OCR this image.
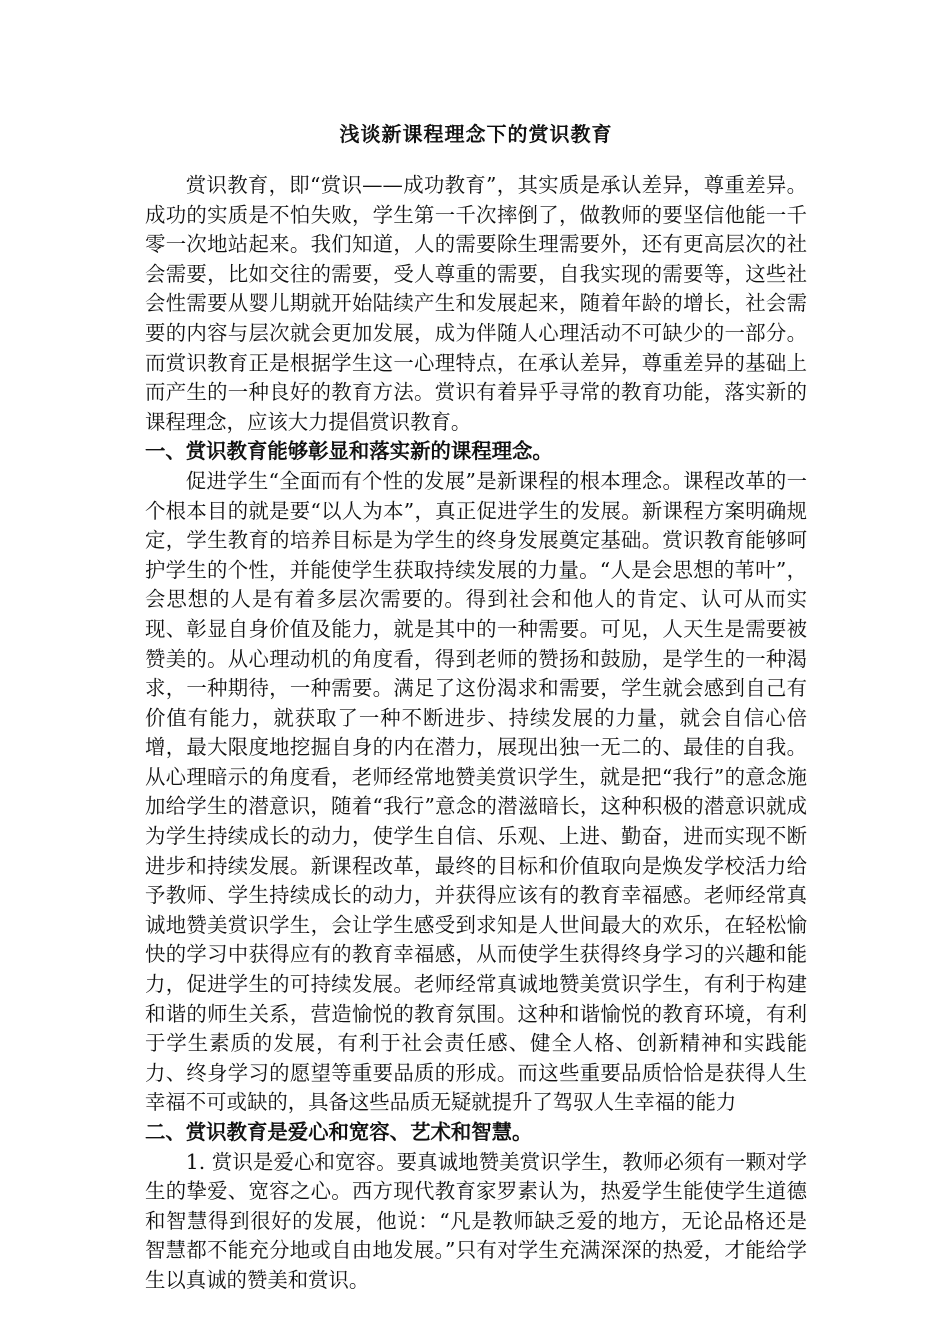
浅谈新课程理念下的赏识教育

赏识教育，即“赏识——成功教育”，其实质是承认差异，尊重差异。成功的实质是不怕失败，学生第一千次摔倒了，做教师的要坚信他能一千零一次地站起来。我们知道，人的需要除生理需要外，还有更高层次的社会需要，比如交往的需要，受人尊重的需要，自我实现的需要等，这些社会性需要从婴儿期就开始陆续产生和发展起来，随着年龄的增长，社会需要的内容与层次就会更加发展，成为伴随人心理活动不可缺少的一部分。而赏识教育正是根据学生这一心理特点，在承认差异，尊重差异的基础上而产生的一种良好的教育方法。赏识有着异乎寻常的教育功能，落实新的课程理念，应该大力提倡赏识教育。

一、赏识教育能够彰显和落实新的课程理念。

促进学生“全面而有个性的发展”是新课程的根本理念。课程改革的一个根本目的就是要“以人为本”，真正促进学生的发展。新课程方案明确规定，学生教育的培养目标是为学生的终身发展奠定基础。赏识教育能够呵护学生的个性，并能使学生获取持续发展的力量。“人是会思想的苇叶”，会思想的人是有着多层次需要的。得到社会和他人的肯定、认可从而实现、彰显自身价值及能力，就是其中的一种需要。可见，人天生是需要被赞美的。从心理动机的角度看，得到老师的赞扬和鼓励，是学生的一种渴求，一种期待，一种需要。满足了这份渴求和需要，学生就会感到自己有价值有能力，就获取了一种不断进步、持续发展的力量，就会自信心倍增，最大限度地挖掘自身的内在潜力，展现出独一无二的、最佳的自我。从心理暗示的角度看，老师经常地赞美赏识学生，就是把“我行”的意念施加给学生的潜意识，随着“我行”意念的潜滋暗长，这种积极的潜意识就成为学生持续成长的动力，使学生自信、乐观、上进、勤奋，进而实现不断进步和持续发展。新课程改革，最终的目标和价值取向是焕发学校活力给予教师、学生持续成长的动力，并获得应该有的教育幸福感。老师经常真诚地赞美赏识学生，会让学生感受到求知是人世间最大的欢乐，在轻松愉快的学习中获得应有的教育幸福感，从而使学生获得终身学习的兴趣和能力，促进学生的可持续发展。老师经常真诚地赞美赏识学生，有利于构建和谐的师生关系，营造愉悦的教育氛围。这种和谐愉悦的教育环境，有利于学生素质的发展，有利于社会责任感、健全人格、创新精神和实践能力、终身学习的愿望等重要品质的形成。而这些重要品质恰恰是获得人生幸福不可或缺的，具备这些品质无疑就提升了驾驭人生幸福的能力

二、赏识教育是爱心和宽容、艺术和智慧。

1. 赏识是爱心和宽容。要真诚地赞美赏识学生，教师必须有一颗对学生的挚爱、宽容之心。西方现代教育家罗素认为，热爱学生能使学生道德和智慧得到很好的发展，他说：“凡是教师缺乏爱的地方，无论品格还是智慧都不能充分地或自由地发展。”只有对学生充满深深的热爱，才能给学生以真诚的赞美和赏识。
